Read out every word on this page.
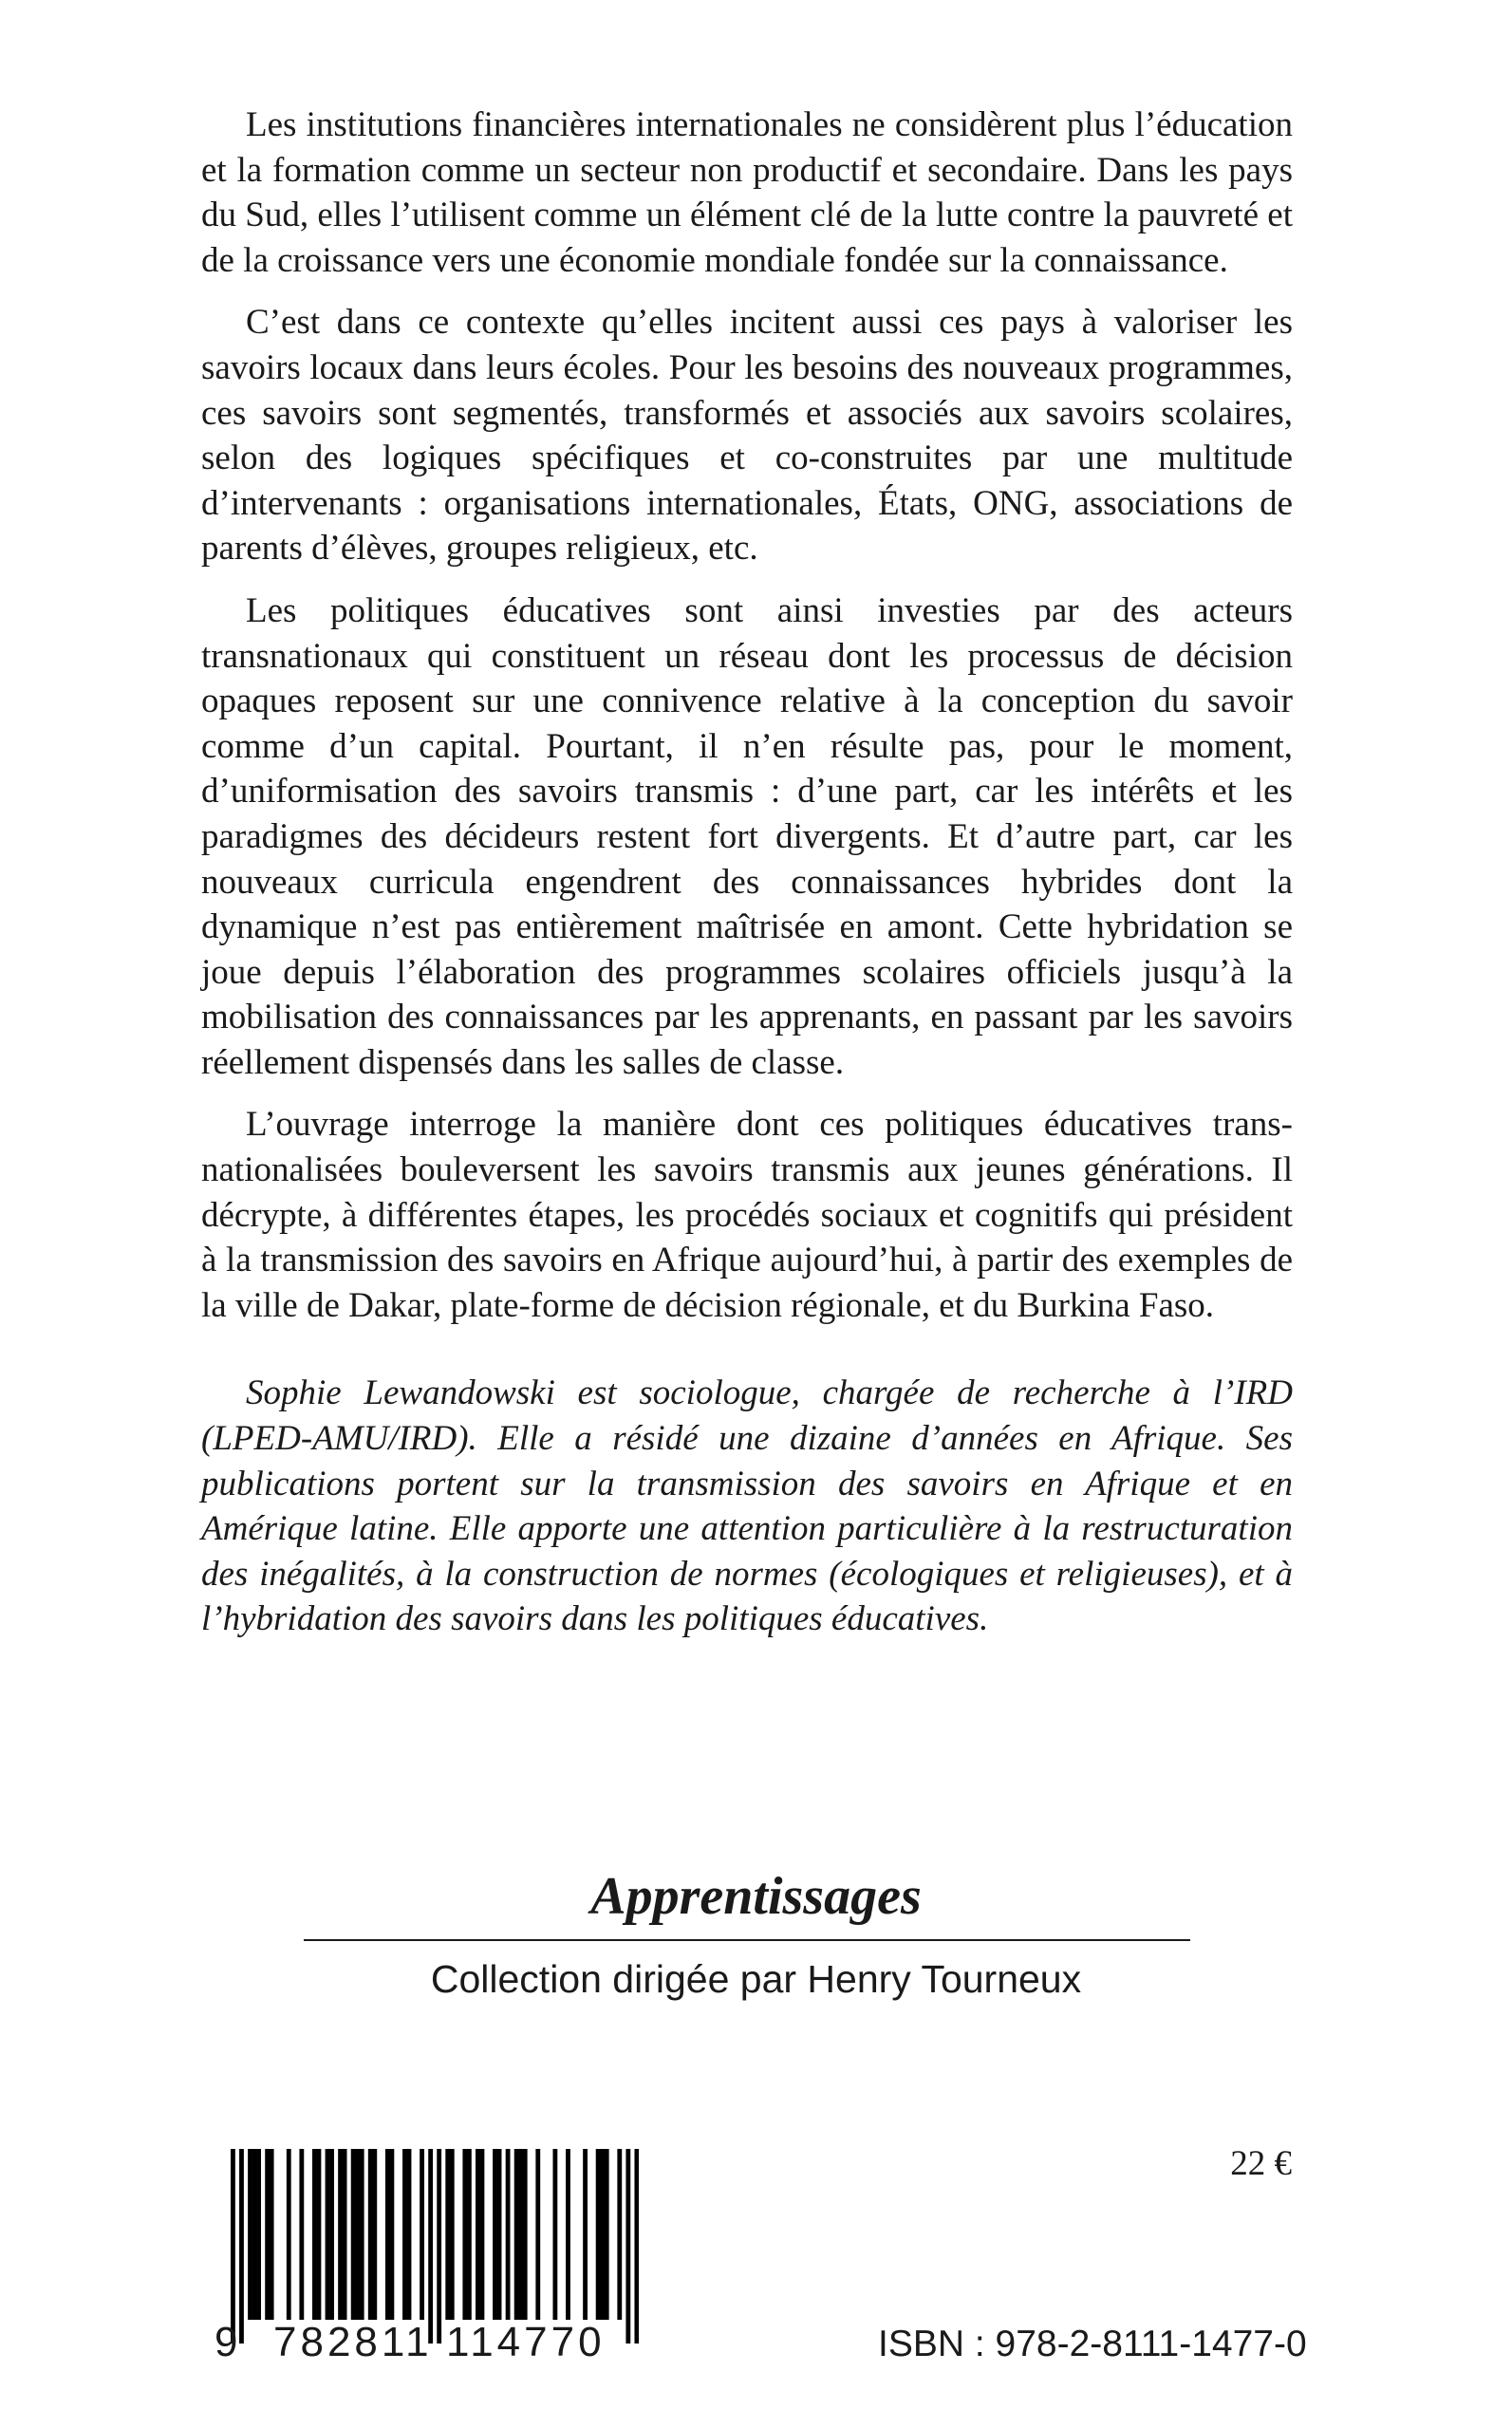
Les institutions financières internationales ne considèrent plus l’éducation et la formation comme un secteur non productif et secondaire. Dans les pays du Sud, elles l’utilisent comme un élément clé de la lutte contre la pauvreté et de la croissance vers une économie mondiale fondée sur la connaissance.

C’est dans ce contexte qu’elles incitent aussi ces pays à valoriser les savoirs locaux dans leurs écoles. Pour les besoins des nouveaux programmes, ces savoirs sont segmentés, transformés et associés aux savoirs scolaires, selon des logiques spécifiques et co-construites par une multitude d’intervenants : organisations internationales, États, ONG, associations de parents d’élèves, groupes religieux, etc.

Les politiques éducatives sont ainsi investies par des acteurs transnationaux qui constituent un réseau dont les processus de décision opaques reposent sur une connivence relative à la conception du savoir comme d’un capital. Pourtant, il n’en résulte pas, pour le moment, d’uniformisation des savoirs transmis : d’une part, car les intérêts et les paradigmes des décideurs restent fort divergents. Et d’autre part, car les nouveaux curricula engendrent des connaissances hybrides dont la dynamique n’est pas entièrement maîtrisée en amont. Cette hybridation se joue depuis l’élaboration des programmes scolaires officiels jusqu’à la mobilisation des connaissances par les apprenants, en passant par les savoirs réellement dispensés dans les salles de classe.

L’ouvrage interroge la manière dont ces politiques éducatives trans-nationalisées bouleversent les savoirs transmis aux jeunes générations. Il décrypte, à différentes étapes, les procédés sociaux et cognitifs qui président à la transmission des savoirs en Afrique aujourd’hui, à partir des exemples de la ville de Dakar, plate-forme de décision régionale, et du Burkina Faso.

Sophie Lewandowski est sociologue, chargée de recherche à l’IRD (LPED-AMU/IRD). Elle a résidé une dizaine d’années en Afrique. Ses publications portent sur la transmission des savoirs en Afrique et en Amérique latine. Elle apporte une attention particulière à la restructuration des inégalités, à la construction de normes (écologiques et religieuses), et à l’hybridation des savoirs dans les politiques éducatives.

Apprentissages
Collection dirigée par Henry Tourneux
22 €
9 782811 114770	ISBN : 978-2-8111-1477-0
